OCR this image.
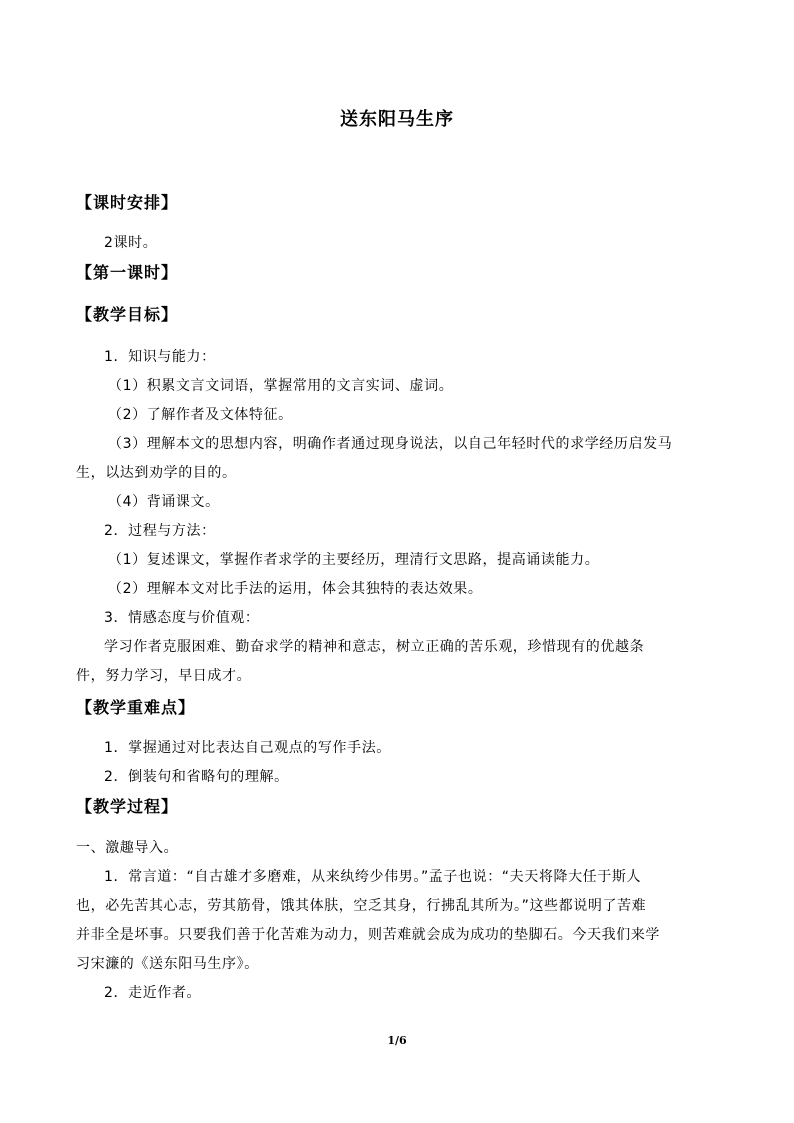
送东阳马生序
【课时安排】
2课时。
【第一课时】
【教学目标】
1．知识与能力：
（1）积累文言文词语，掌握常用的文言实词、虚词。
（2）了解作者及文体特征。
（3）理解本文的思想内容，明确作者通过现身说法，以自己年轻时代的求学经历启发马
生，以达到劝学的目的。
（4）背诵课文。
2．过程与方法：
（1）复述课文，掌握作者求学的主要经历，理清行文思路，提高诵读能力。
（2）理解本文对比手法的运用，体会其独特的表达效果。
3．情感态度与价值观：
学习作者克服困难、勤奋求学的精神和意志，树立正确的苦乐观，珍惜现有的优越条
件，努力学习，早日成才。
【教学重难点】
1．掌握通过对比表达自己观点的写作手法。
2．倒装句和省略句的理解。
【教学过程】
一、激趣导入。
1．常言道：“自古雄才多磨难，从来纨绔少伟男。”孟子也说：“夫天将降大任于斯人
也，必先苦其心志，劳其筋骨，饿其体肤，空乏其身，行拂乱其所为。”这些都说明了苦难
并非全是坏事。只要我们善于化苦难为动力，则苦难就会成为成功的垫脚石。今天我们来学
习宋濂的《送东阳马生序》。
2．走近作者。
1/6
